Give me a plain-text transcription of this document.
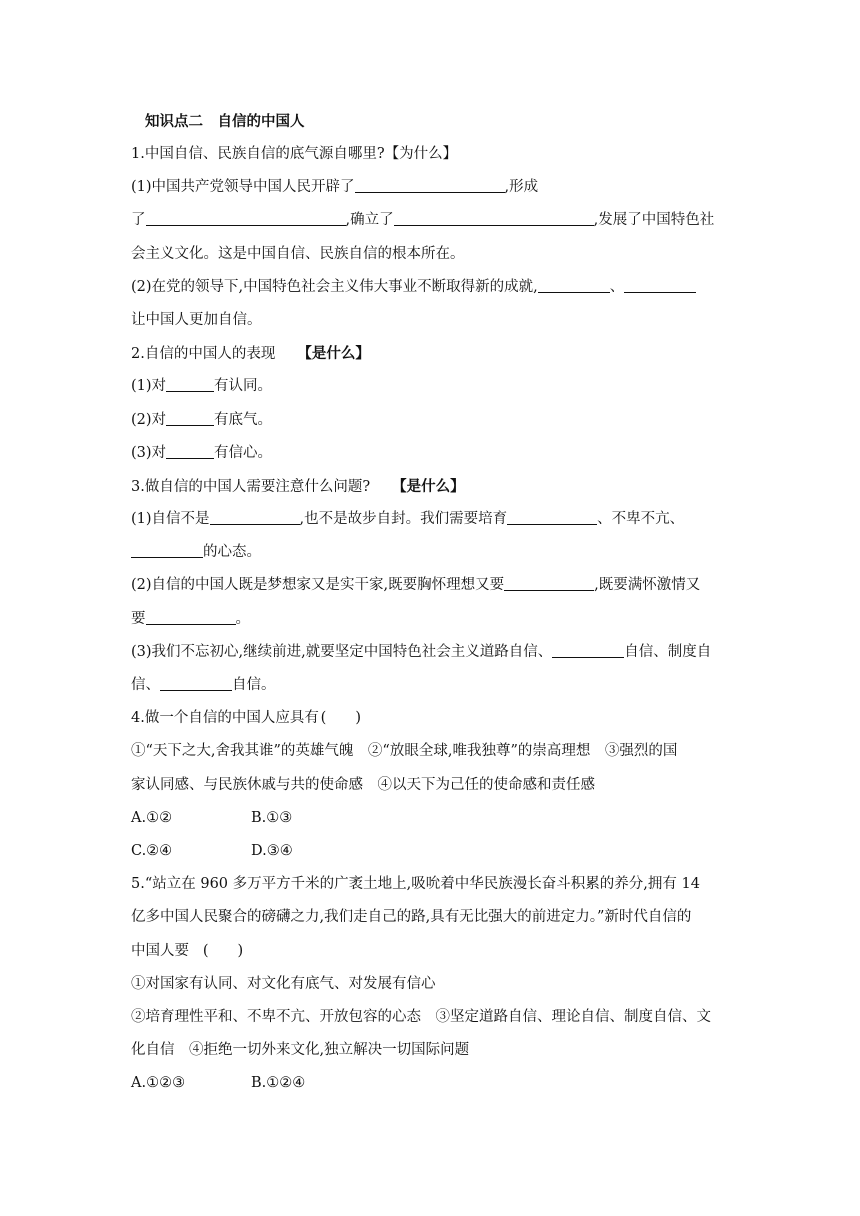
知识点二　自信的中国人
1.中国自信、民族自信的底气源自哪里?【为什么】
(1)中国共产党领导中国人民开辟了	,形成
了	,确立了	,发展了中国特色社
会主义文化。这是中国自信、民族自信的根本所在。
(2)在党的领导下,中国特色社会主义伟大事业不断取得新的成就,	、
让中国人更加自信。
2.自信的中国人的表现 【是什么】
(1)对	有认同。
(2)对	有底气。
(3)对	有信心。
3.做自信的中国人需要注意什么问题? 【是什么】
(1)自信不是	,也不是故步自封。我们需要培育	、不卑不亢、
的心态。
(2)自信的中国人既是梦想家又是实干家,既要胸怀理想又要	,既要满怀激情又
要	。
(3)我们不忘初心,继续前进,就要坚定中国特色社会主义道路自信、	自信、制度自
信、	自信。
4.做一个自信的中国人应具有 (　　)
①“天下之大,舍我其谁”的英雄气魄　②“放眼全球,唯我独尊”的崇高理想　③强烈的国
家认同感、与民族休戚与共的使命感　④以天下为己任的使命感和责任感
A.①②	B.①③
C.②④	D.③④
5.“站立在 960 多万平方千米的广袤土地上,吸吮着中华民族漫长奋斗积累的养分,拥有 14
亿多中国人民聚合的磅礴之力,我们走自己的路,具有无比强大的前进定力。”新时代自信的
中国人要 (　　)
①对国家有认同、对文化有底气、对发展有信心
②培育理性平和、不卑不亢、开放包容的心态　③坚定道路自信、理论自信、制度自信、文
化自信　④拒绝一切外来文化,独立解决一切国际问题
A.①②③	B.①②④
